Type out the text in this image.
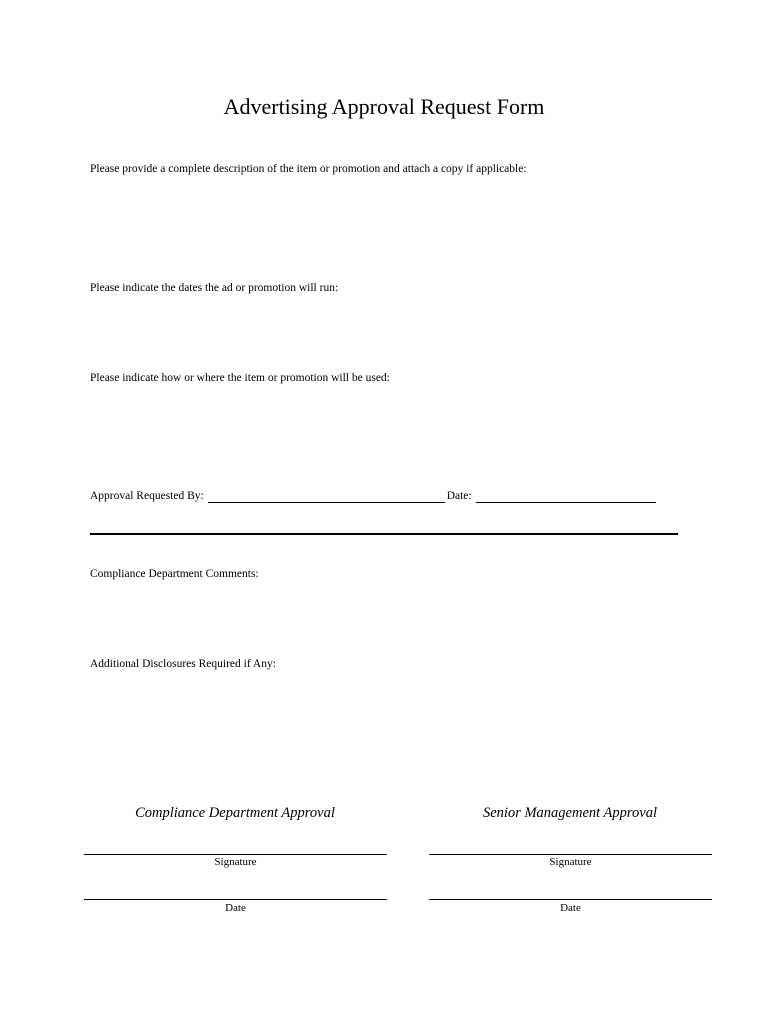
Advertising Approval Request Form
Please provide a complete description of the item or promotion and attach a copy if applicable:
Please indicate the dates the ad or promotion will run:
Please indicate how or where the item or promotion will be used:
Approval Requested By:	Date:
Compliance Department Comments:
Additional Disclosures Required if Any:
Compliance Department Approval	Senior Management Approval
Signature
Date
Signature
Date
